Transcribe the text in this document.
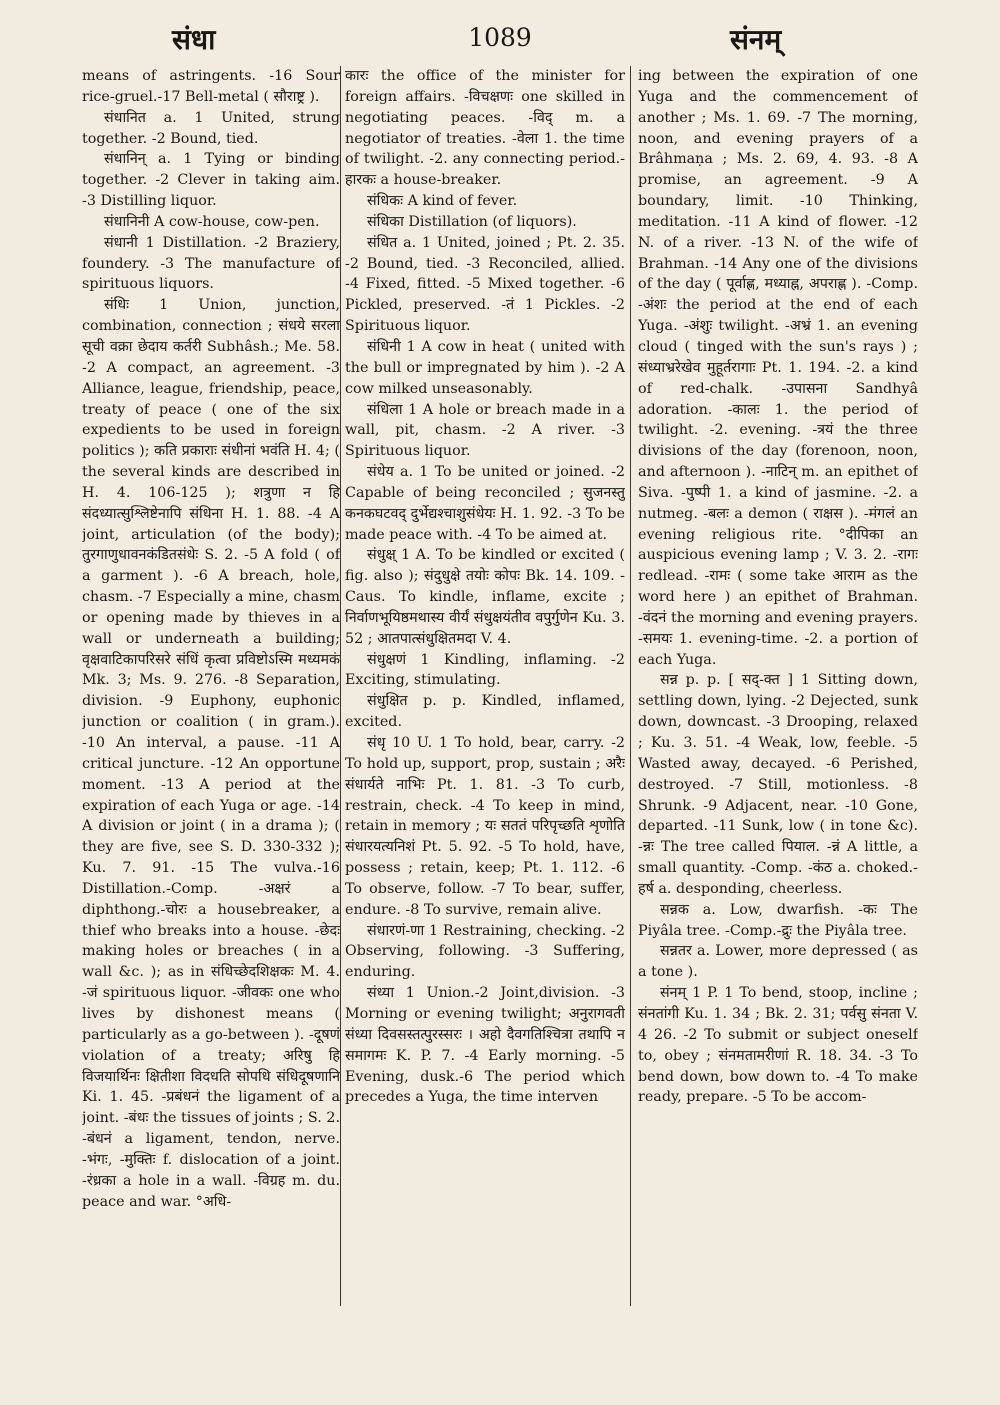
संधा	1089	संनम्

means of astringents. -16 Sour rice-gruel.-17 Bell-metal ( सौराष्ट्र ).

संधानित a. 1 United, strung together. -2 Bound, tied.

संधानिन् a. 1 Tying or binding together. -2 Clever in taking aim. -3 Distilling liquor.

संधानिनी A cow-house, cow-pen.

संधानी 1 Distillation. -2 Braziery, foundery. -3 The manufacture of spirituous liquors.

संधिः 1 Union, junction, combination, connection ; संधये सरला सूची वक्रा छेदाय कर्तरी Subhâsh.; Me. 58. -2 A compact, an agreement. -3 Alliance, league, friendship, peace, treaty of peace ( one of the six expedients to be used in foreign politics ); कति प्रकाराः संधीनां भवंति H. 4; ( the several kinds are described in H. 4. 106-125 ); शत्रुणा न हि संदध्यात्सुश्लिष्टेनापि संधिना H. 1. 88. -4 A joint, articulation (of the body); तुरगाणुधावनकंडितसंधेः S. 2. -5 A fold ( of a garment ). -6 A breach, hole, chasm. -7 Especially a mine, chasm or opening made by thieves in a wall or underneath a building; वृक्षवाटिकापरिसरे संधिं कृत्वा प्रविष्टोऽस्मि मध्यमकं Mk. 3; Ms. 9. 276. -8 Separation, division. -9 Euphony, euphonic junction or coalition ( in gram.). -10 An interval, a pause. -11 A critical juncture. -12 An opportune moment. -13 A period at the expiration of each Yuga or age. -14 A division or joint ( in a drama ); ( they are five, see S. D. 330-332 ); Ku. 7. 91. -15 The vulva.-16 Distillation.-Comp. -अक्षरं a diphthong.-चोरः a housebreaker, a thief who breaks into a house. -छेदः making holes or breaches ( in a wall &c. ); as in संधिच्छेदशिक्षकः M. 4. -जं spirituous liquor. -जीवकः one who lives by dishonest means ( particularly as a go-between ). -दूषणं violation of a treaty; अरिषु हि विजयार्थिनः क्षितीशा विदधति सोपधि संधिदूषणानि Ki. 1. 45. -प्रबंधनं the ligament of a joint. -बंधः the tissues of joints ; S. 2. -बंधनं a ligament, tendon, nerve. -भंगः, -मुक्तिः f. dislocation of a joint. -रंध्रका a hole in a wall. -विग्रह m. du. peace and war. °अधि-

कारः the office of the minister for foreign affairs. -विचक्षणः one skilled in negotiating peaces. -विद् m. a negotiator of treaties. -वेला 1. the time of twilight. -2. any connecting period.-हारकः a house-breaker.

संधिकः A kind of fever.

संधिका Distillation (of liquors).

संधित a. 1 United, joined ; Pt. 2. 35. -2 Bound, tied. -3 Reconciled, allied. -4 Fixed, fitted. -5 Mixed together. -6 Pickled, preserved. -तं 1 Pickles. -2 Spirituous liquor.

संधिनी 1 A cow in heat ( united with the bull or impregnated by him ). -2 A cow milked unseasonably.

संधिला 1 A hole or breach made in a wall, pit, chasm. -2 A river. -3 Spirituous liquor.

संधेय a. 1 To be united or joined. -2 Capable of being reconciled ; सुजनस्तु कनकघटवद् दुर्भेद्यश्चाशुसंधेयः H. 1. 92. -3 To be made peace with. -4 To be aimed at.

संधुक्ष् 1 A. To be kindled or excited ( fig. also ); संदुधुक्षे तयोः कोपः Bk. 14. 109. -Caus. To kindle, inflame, excite ; निर्वाणभूयिष्ठमथास्य वीर्यं संधुक्षयंतीव वपुर्गुणेन Ku. 3. 52 ; आतपात्संधुक्षितमदा V. 4.

संधुक्षणं 1 Kindling, inflaming. -2 Exciting, stimulating.

संधुक्षित p. p. Kindled, inflamed, excited.

संधृ 10 U. 1 To hold, bear, carry. -2 To hold up, support, prop, sustain ; अरैः संधार्यते नाभिः Pt. 1. 81. -3 To curb, restrain, check. -4 To keep in mind, retain in memory ; यः सततं परिपृच्छति शृणोति संधारयत्यनिशं Pt. 5. 92. -5 To hold, have, possess ; retain, keep; Pt. 1. 112. -6 To observe, follow. -7 To bear, suffer, endure. -8 To survive, remain alive.

संधारणं-णा 1 Restraining, checking. -2 Observing, following. -3 Suffering, enduring.

संध्या 1 Union.-2 Joint,division. -3 Morning or evening twilight; अनुरागवती संध्या दिवसस्तत्पुरस्सरः । अहो दैवगतिश्चित्रा तथापि न समागमः K. P. 7. -4 Early morning. -5 Evening, dusk.-6 The period which precedes a Yuga, the time interven

ing between the expiration of one Yuga and the commencement of another ; Ms. 1. 69. -7 The morning, noon, and evening prayers of a Brâhmaṇa ; Ms. 2. 69, 4. 93. -8 A promise, an agreement. -9 A boundary, limit. -10 Thinking, meditation. -11 A kind of flower. -12 N. of a river. -13 N. of the wife of Brahman. -14 Any one of the divisions of the day ( पूर्वाह्ण, मध्याह्न, अपराह्ण ). -Comp. -अंशः the period at the end of each Yuga. -अंशुः twilight. -अभ्रं 1. an evening cloud ( tinged with the sun's rays ) ; संध्याभ्ररेखेव मुहूर्तरागाः Pt. 1. 194. -2. a kind of red-chalk. -उपासना Sandhyâ adoration. -कालः 1. the period of twilight. -2. evening. -त्रयं the three divisions of the day (forenoon, noon, and afternoon ). -नाटिन् m. an epithet of Siva. -पुष्पी 1. a kind of jasmine. -2. a nutmeg. -बलः a demon ( राक्षस ). -मंगलं an evening religious rite. °दीपिका an auspicious evening lamp ; V. 3. 2. -रागः redlead. -रामः ( some take आराम as the word here ) an epithet of Brahman. -वंदनं the morning and evening prayers. -समयः 1. evening-time. -2. a portion of each Yuga.

सन्न p. p. [ सद्-क्त ] 1 Sitting down, settling down, lying. -2 Dejected, sunk down, downcast. -3 Drooping, relaxed ; Ku. 3. 51. -4 Weak, low, feeble. -5 Wasted away, decayed. -6 Perished, destroyed. -7 Still, motionless. -8 Shrunk. -9 Adjacent, near. -10 Gone, departed. -11 Sunk, low ( in tone &c). -न्नः The tree called पियाल. -न्नं A little, a small quantity. -Comp. -कंठ a. choked.-हर्ष a. desponding, cheerless.

सन्नक a. Low, dwarfish. -कः The Piyâla tree. -Comp.-द्रुः the Piyâla tree.

सन्नतर a. Lower, more depressed ( as a tone ).

संनम् 1 P. 1 To bend, stoop, incline ; संनतांगी Ku. 1. 34 ; Bk. 2. 31; पर्वसु संनता V. 4 26. -2 To submit or subject oneself to, obey ; संनमतामरीणां R. 18. 34. -3 To bend down, bow down to. -4 To make ready, prepare. -5 To be accom-
